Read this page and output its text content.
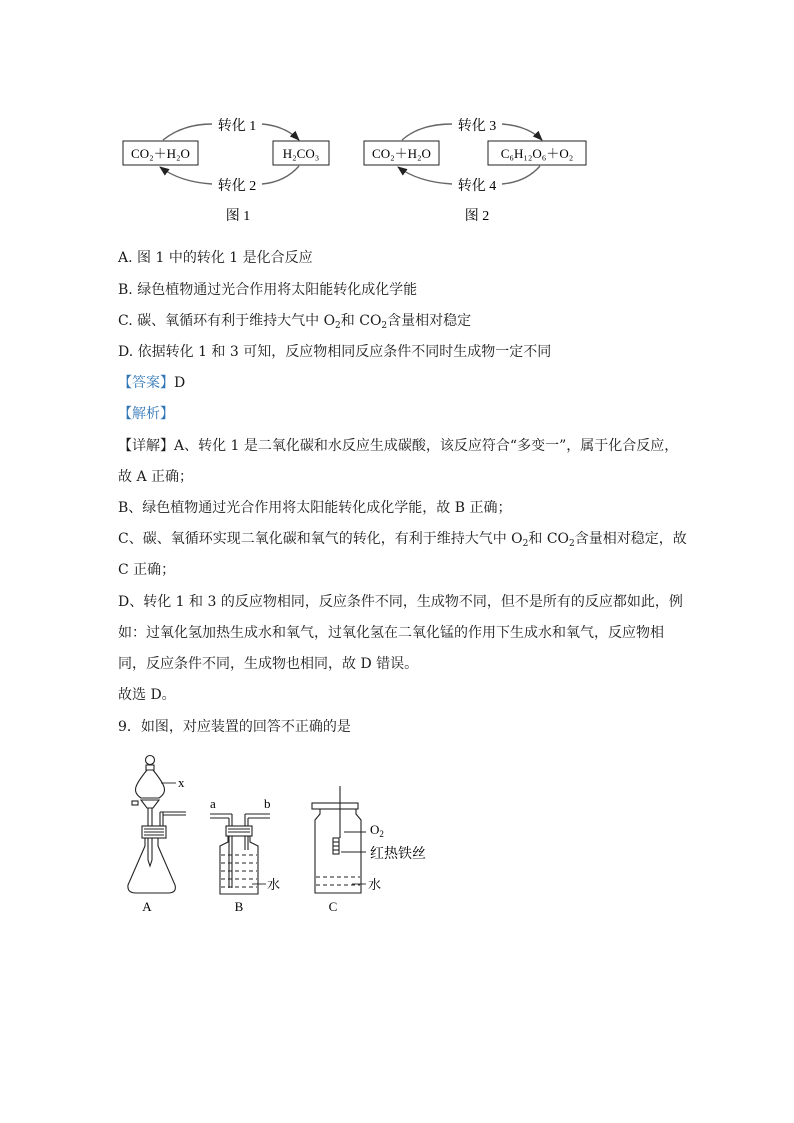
CO₂＋H₂O	H₂CO₃
转化 1
转化 2
图 1
CO₂＋H₂O	C₆H₁₂O₆＋O₂
转化 3
转化 4
图 2
A. 图 1 中的转化 1 是化合反应
B. 绿色植物通过光合作用将太阳能转化成化学能
C. 碳、氧循环有利于维持大气中 $O_2$和 $CO_2$含量相对稳定
D. 依据转化 1 和 3 可知，反应物相同反应条件不同时生成物一定不同
【答案】D
【解析】
【详解】A、转化 1 是二氧化碳和水反应生成碳酸，该反应符合“多变一”，属于化合反应，
故 A 正确；
B、绿色植物通过光合作用将太阳能转化成化学能，故 B 正确；
C、碳、氧循环实现二氧化碳和氧气的转化，有利于维持大气中 $O_2$和 $CO_2$含量相对稳定，故
C 正确；
D、转化 1 和 3 的反应物相同，反应条件不同，生成物不同，但不是所有的反应都如此，例
如：过氧化氢加热生成水和氧气，过氧化氢在二氧化锰的作用下生成水和氧气，反应物相
同，反应条件不同，生成物也相同，故 D 错误。
故选 D。
9．如图，对应装置的回答不正确的是
x
A
a	b
水
B
$O_2$
红热铁丝
水
C
